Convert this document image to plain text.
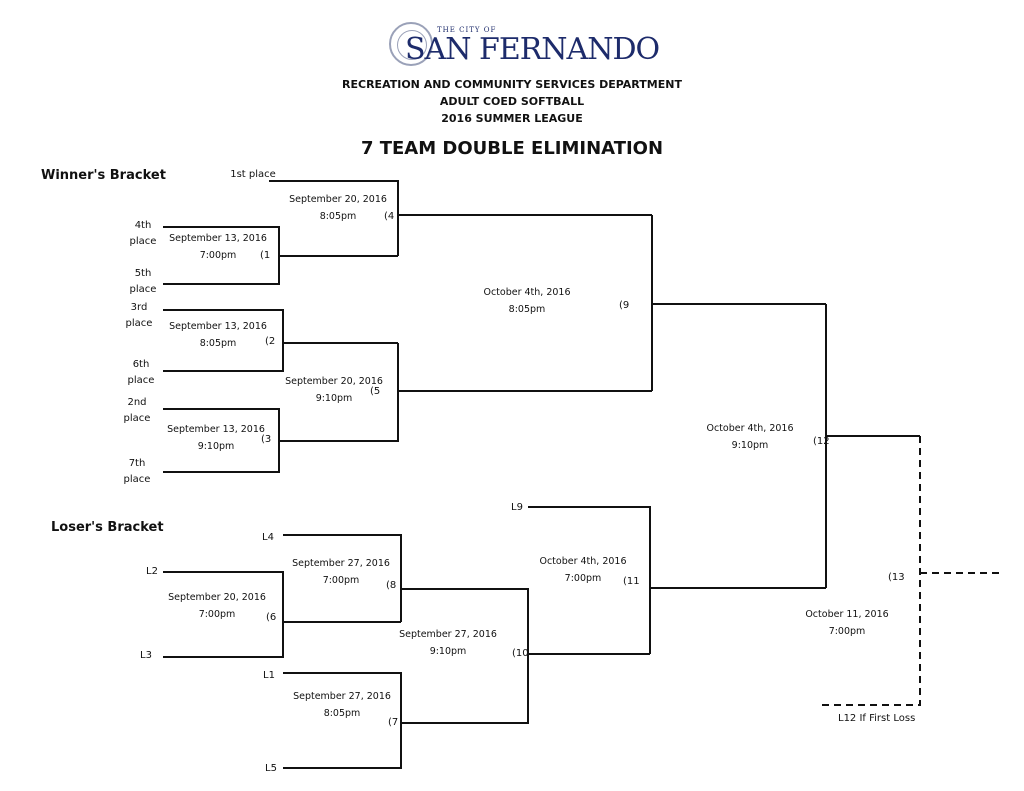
THE CITY OF
SAN FERNANDO
RECREATION AND COMMUNITY SERVICES DEPARTMENT
ADULT COED SOFTBALL
2016 SUMMER LEAGUE
7 TEAM DOUBLE ELIMINATION
Winner's Bracket
Loser's Bracket
1st place
4th place
5th place
3rd place
6th place
2nd place
7th place
L4
L2
L3
L1
L5
L9
September 13, 2016
7:00pm
September 20, 2016
8:05pm
September 13, 2016
8:05pm
September 13, 2016
9:10pm
September 20, 2016
9:10pm
October 4th, 2016
8:05pm
October 4th, 2016
9:10pm
September 27, 2016
7:00pm
September 20, 2016
7:00pm
September 27, 2016
9:10pm
September 27, 2016
8:05pm
October 4th, 2016
7:00pm
October 11, 2016
7:00pm
(1
(4
(2
(3
(5
(9
(12
(8
(6
(10
(7
(11	(13
L12 If First Loss
